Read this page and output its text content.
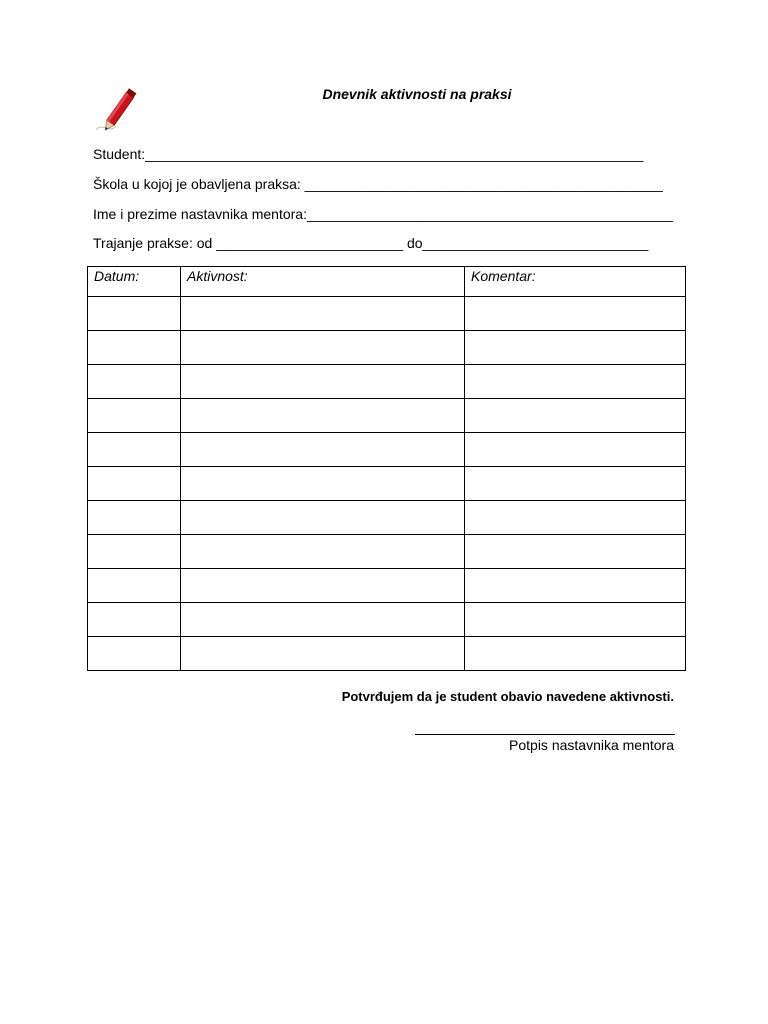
Dnevnik aktivnosti na praksi
Student:________________________________________________________________
Škola u kojoj je obavljena praksa: ______________________________________________
Ime i prezime nastavnika mentora:_______________________________________________
Trajanje prakse: od ________________________ do_____________________________
Datum:	Aktivnost:	Komentar:

Potvrđujem da je student obavio navedene aktivnosti.
Potpis nastavnika mentora
